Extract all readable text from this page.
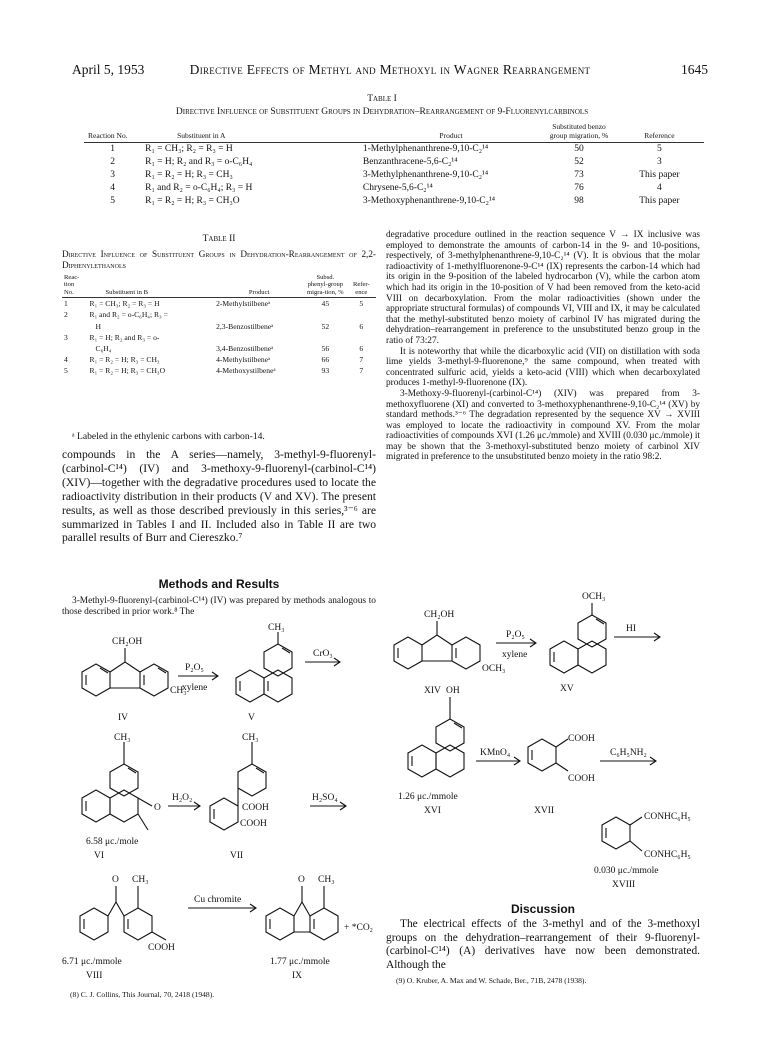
April 5, 1953	Directive Effects of Methyl and Methoxyl in Wagner Rearrangement	1645
Table I
Directive Influence of Substituent Groups in Dehydration–Rearrangement of 9-Fluorenylcarbinols
Reaction No.	Substituent in A	Product	Substituted benzo group migration, %	Reference
1	R₁ = CH₃; R₂ = R₃ = H	1-Methylphenanthrene-9,10-C₂¹⁴	50	5
2	R₁ = H; R₂ and R₃ = o-C₆H₄	Benzanthracene-5,6-C₂¹⁴	52	3
3	R₁ = R₂ = H; R₃ = CH₃	3-Methylphenanthrene-9,10-C₂¹⁴	73	This paper
4	R₁ and R₂ = o-C₆H₄; R₃ = H	Chrysene-5,6-C₂¹⁴	76	4
5	R₁ = R₂ = H; R₃ = CH₃O	3-Methoxyphenanthrene-9,10-C₂¹⁴	98	This paper
Table II
Directive Influence of Substituent Groups in Dehydration-Rearrangement of 2,2-Diphenylethanols
Reac-tion No.	Substituent in B	Product	Subsd. phenyl-group migra-tion, %	Refer-ence
1	R₁ = CH₃; R₂ = R₃ = H	2-Methylstilbeneᵃ	45	5
2	R₁ and R₂ = o-C₆H₄; R₃ =
H	2,3-Benzostilbeneᵃ	52	6
3	R₁ = H; R₂ and R₃ = o-
C₆H₄	3,4-Benzostilbeneᵃ	56	6
4	R₁ = R₂ = H; R₃ = CH₃	4-Methylstilbeneᵃ	66	7
5	R₁ = R₂ = H; R₃ = CH₃O	4-Methoxystilbeneᵃ	93	7
ᵃ Labeled in the ethylenic carbons with carbon-14.

compounds in the A series—namely, 3-methyl-9-fluorenyl-(carbinol-C¹⁴) (IV) and 3-methoxy-9-fluorenyl-(carbinol-C¹⁴) (XIV)—together with the degradative procedures used to locate the radioactivity distribution in their products (V and XV). The present results, as well as those described previously in this series,³⁻⁶ are summarized in Tables I and II. Included also in Table II are two parallel results of Burr and Ciereszko.⁷

Methods and Results
3-Methyl-9-fluorenyl-(carbinol-C¹⁴) (IV) was prepared by methods analogous to those described in prior work.⁸ The

degradative procedure outlined in the reaction sequence V → IX inclusive was employed to demonstrate the amounts of carbon-14 in the 9- and 10-positions, respectively, of 3-methylphenanthrene-9,10-C₂¹⁴ (V). It is obvious that the molar radioactivity of 1-methylfluorenone-9-C¹⁴ (IX) represents the carbon-14 which had its origin in the 9-position of the labeled hydrocarbon (V), while the carbon atom which had its origin in the 10-position of V had been removed from the keto-acid VIII on decarboxylation. From the molar radioactivities (shown under the appropriate structural formulas) of compounds VI, VIII and IX, it may be calculated that the methyl-substituted benzo moiety of carbinol IV has migrated during the dehydration–rearrangement in preference to the unsubstituted benzo group in the ratio of 73:27.

It is noteworthy that while the dicarboxylic acid (VII) on distillation with soda lime yields 3-methyl-9-fluorenone,⁹ the same compound, when treated with concentrated sulfuric acid, yields a keto-acid (VIII) which when decarboxylated produces 1-methyl-9-fluorenone (IX).

3-Methoxy-9-fluorenyl-(carbinol-C¹⁴) (XIV) was prepared from 3-methoxyfluorene (XI) and converted to 3-methoxyphenanthrene-9,10-C₂¹⁴ (XV) by standard methods.³⁻⁶ The degradation represented by the sequence XV → XVIII was employed to locate the radioactivity in compound XV. From the molar radioactivities of compounds XVI (1.26 μc./mmole) and XVIII (0.030 μc./mmole) it may be shown that the 3-methoxyl-substituted benzo moiety of carbinol XIV migrated in preference to the unsubstituted benzo moiety in the ratio 98:2.

CH₂OH
CH₃
IV
P₂O₅
xylene
CH₃
V
CrO₃
CH₃
O
6.58 μc./mole
VI
H₂O₂
CH₃
COOH
COOH
VII
H₂SO₄
O CH₃
COOH
6.71 μc./mmole
VIII
Cu chromite
O CH₃
+ *CO₂
1.77 μc./mmole
IX
CH₂OH
OCH₃
XIV
P₂O₅
xylene
OCH₃
XV
HI
OH
1.26 μc./mmole
XVI
KMnO₄
COOH
COOH
XVII
C₆H₅NH₂
CONHC₆H₅
CONHC₆H₅
0.030 μc./mmole
XVIII
Discussion
The electrical effects of the 3-methyl and of the 3-methoxyl groups on the dehydration–rearrangement of their 9-fluorenyl-(carbinol-C¹⁴) (A) derivatives have now been demonstrated. Although the
(8) C. J. Collins, This Journal, 70, 2418 (1948).
(9) O. Kruber, A. Max and W. Schade, Ber., 71B, 2478 (1938).
